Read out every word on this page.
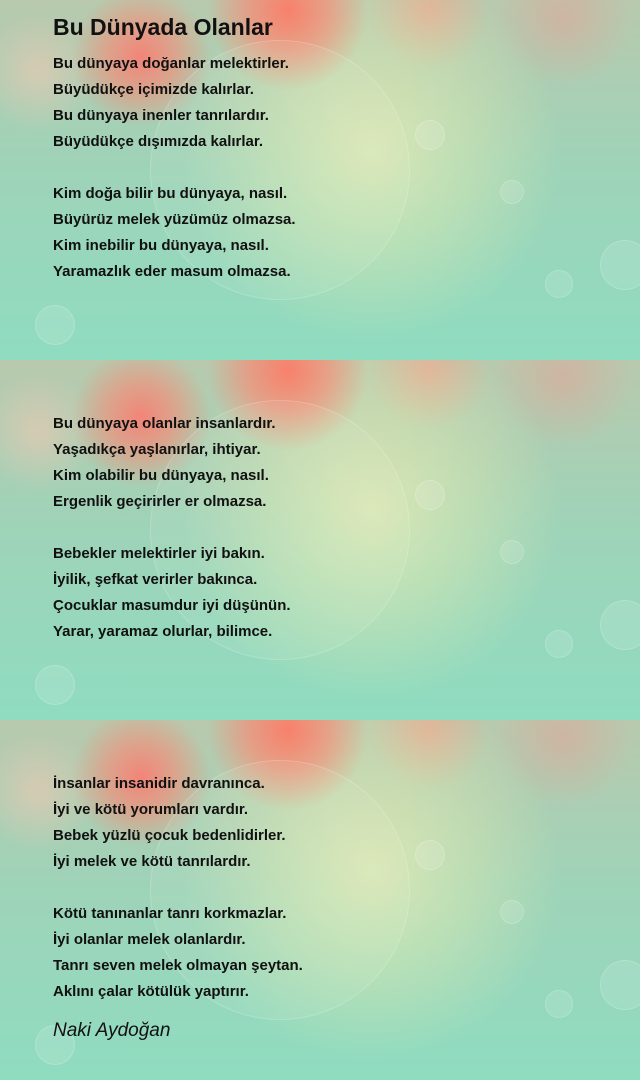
Bu Dünyada Olanlar
Bu dünyaya doğanlar melektirler.
Büyüdükçe içimizde kalırlar.
Bu dünyaya inenler tanrılardır.
Büyüdükçe dışımızda kalırlar.
Kim doğa bilir bu dünyaya, nasıl.
Büyürüz melek yüzümüz olmazsa.
Kim inebilir bu dünyaya, nasıl.
Yaramazlık eder masum olmazsa.
Bu dünyaya olanlar insanlardır.
Yaşadıkça yaşlanırlar, ihtiyar.
Kim olabilir bu dünyaya, nasıl.
Ergenlik geçirirler er olmazsa.
Bebekler melektirler iyi bakın.
İyilik, şefkat verirler bakınca.
Çocuklar masumdur iyi düşünün.
Yarar, yaramaz olurlar, bilimce.
İnsanlar insanidir davranınca.
İyi ve kötü yorumları vardır.
Bebek yüzlü çocuk bedenlidirler.
İyi melek ve kötü tanrılardır.
Kötü tanınanlar tanrı korkmazlar.
İyi olanlar melek olanlardır.
Tanrı seven melek olmayan şeytan.
Aklını çalar kötülük yaptırır.
Naki Aydoğan
